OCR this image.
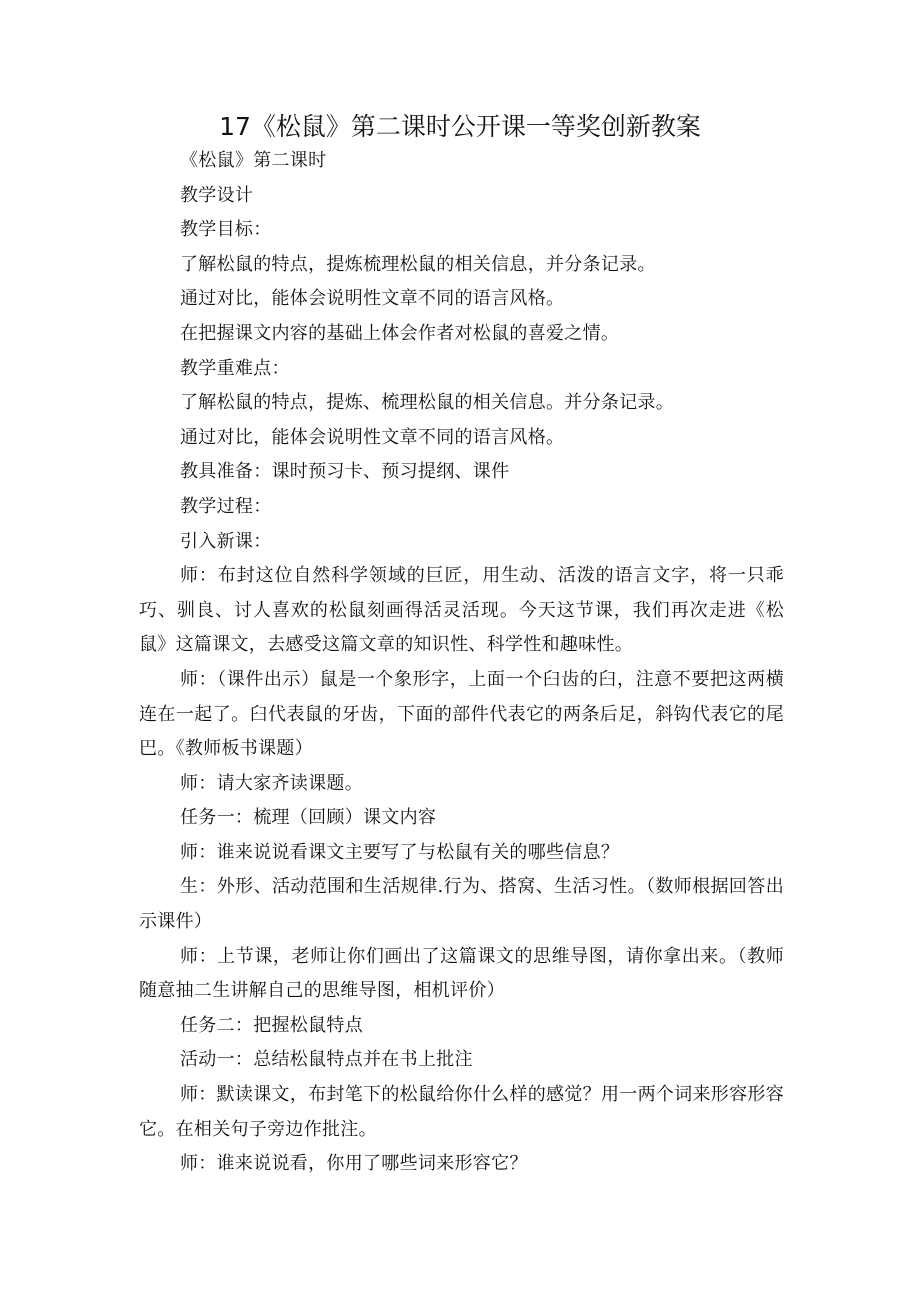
17《松鼠》第二课时公开课一等奖创新教案

《松鼠》第二课时

教学设计

教学目标：

了解松鼠的特点，提炼梳理松鼠的相关信息，并分条记录。

通过对比，能体会说明性文章不同的语言风格。

在把握课文内容的基础上体会作者对松鼠的喜爱之情。

教学重难点：

了解松鼠的特点，提炼、梳理松鼠的相关信息。并分条记录。

通过对比，能体会说明性文章不同的语言风格。

教具准备：课时预习卡、预习提纲、课件

教学过程：

引入新课：

师：布封这位自然科学领域的巨匠，用生动、活泼的语言文字，将一只乖巧、驯良、讨人喜欢的松鼠刻画得活灵活现。今天这节课，我们再次走进《松鼠》这篇课文，去感受这篇文章的知识性、科学性和趣味性。

师：（课件出示）鼠是一个象形字，上面一个臼齿的臼，注意不要把这两横连在一起了。臼代表鼠的牙齿，下面的部件代表它的两条后足，斜钩代表它的尾巴。《教师板书课题）

师：请大家齐读课题。

任务一：梳理（回顾）课文内容

师：谁来说说看课文主要写了与松鼠有关的哪些信息？

生：外形、活动范围和生活规律.行为、搭窝、生活习性。（数师根据回答出示课件）

师：上节课，老师让你们画出了这篇课文的思维导图，请你拿出来。（教师随意抽二生讲解自己的思维导图，相机评价）

任务二：把握松鼠特点

活动一：总结松鼠特点并在书上批注

师：默读课文，布封笔下的松鼠给你什么样的感觉？用一两个词来形容形容它。在相关句子旁边作批注。

师：谁来说说看，你用了哪些词来形容它？
